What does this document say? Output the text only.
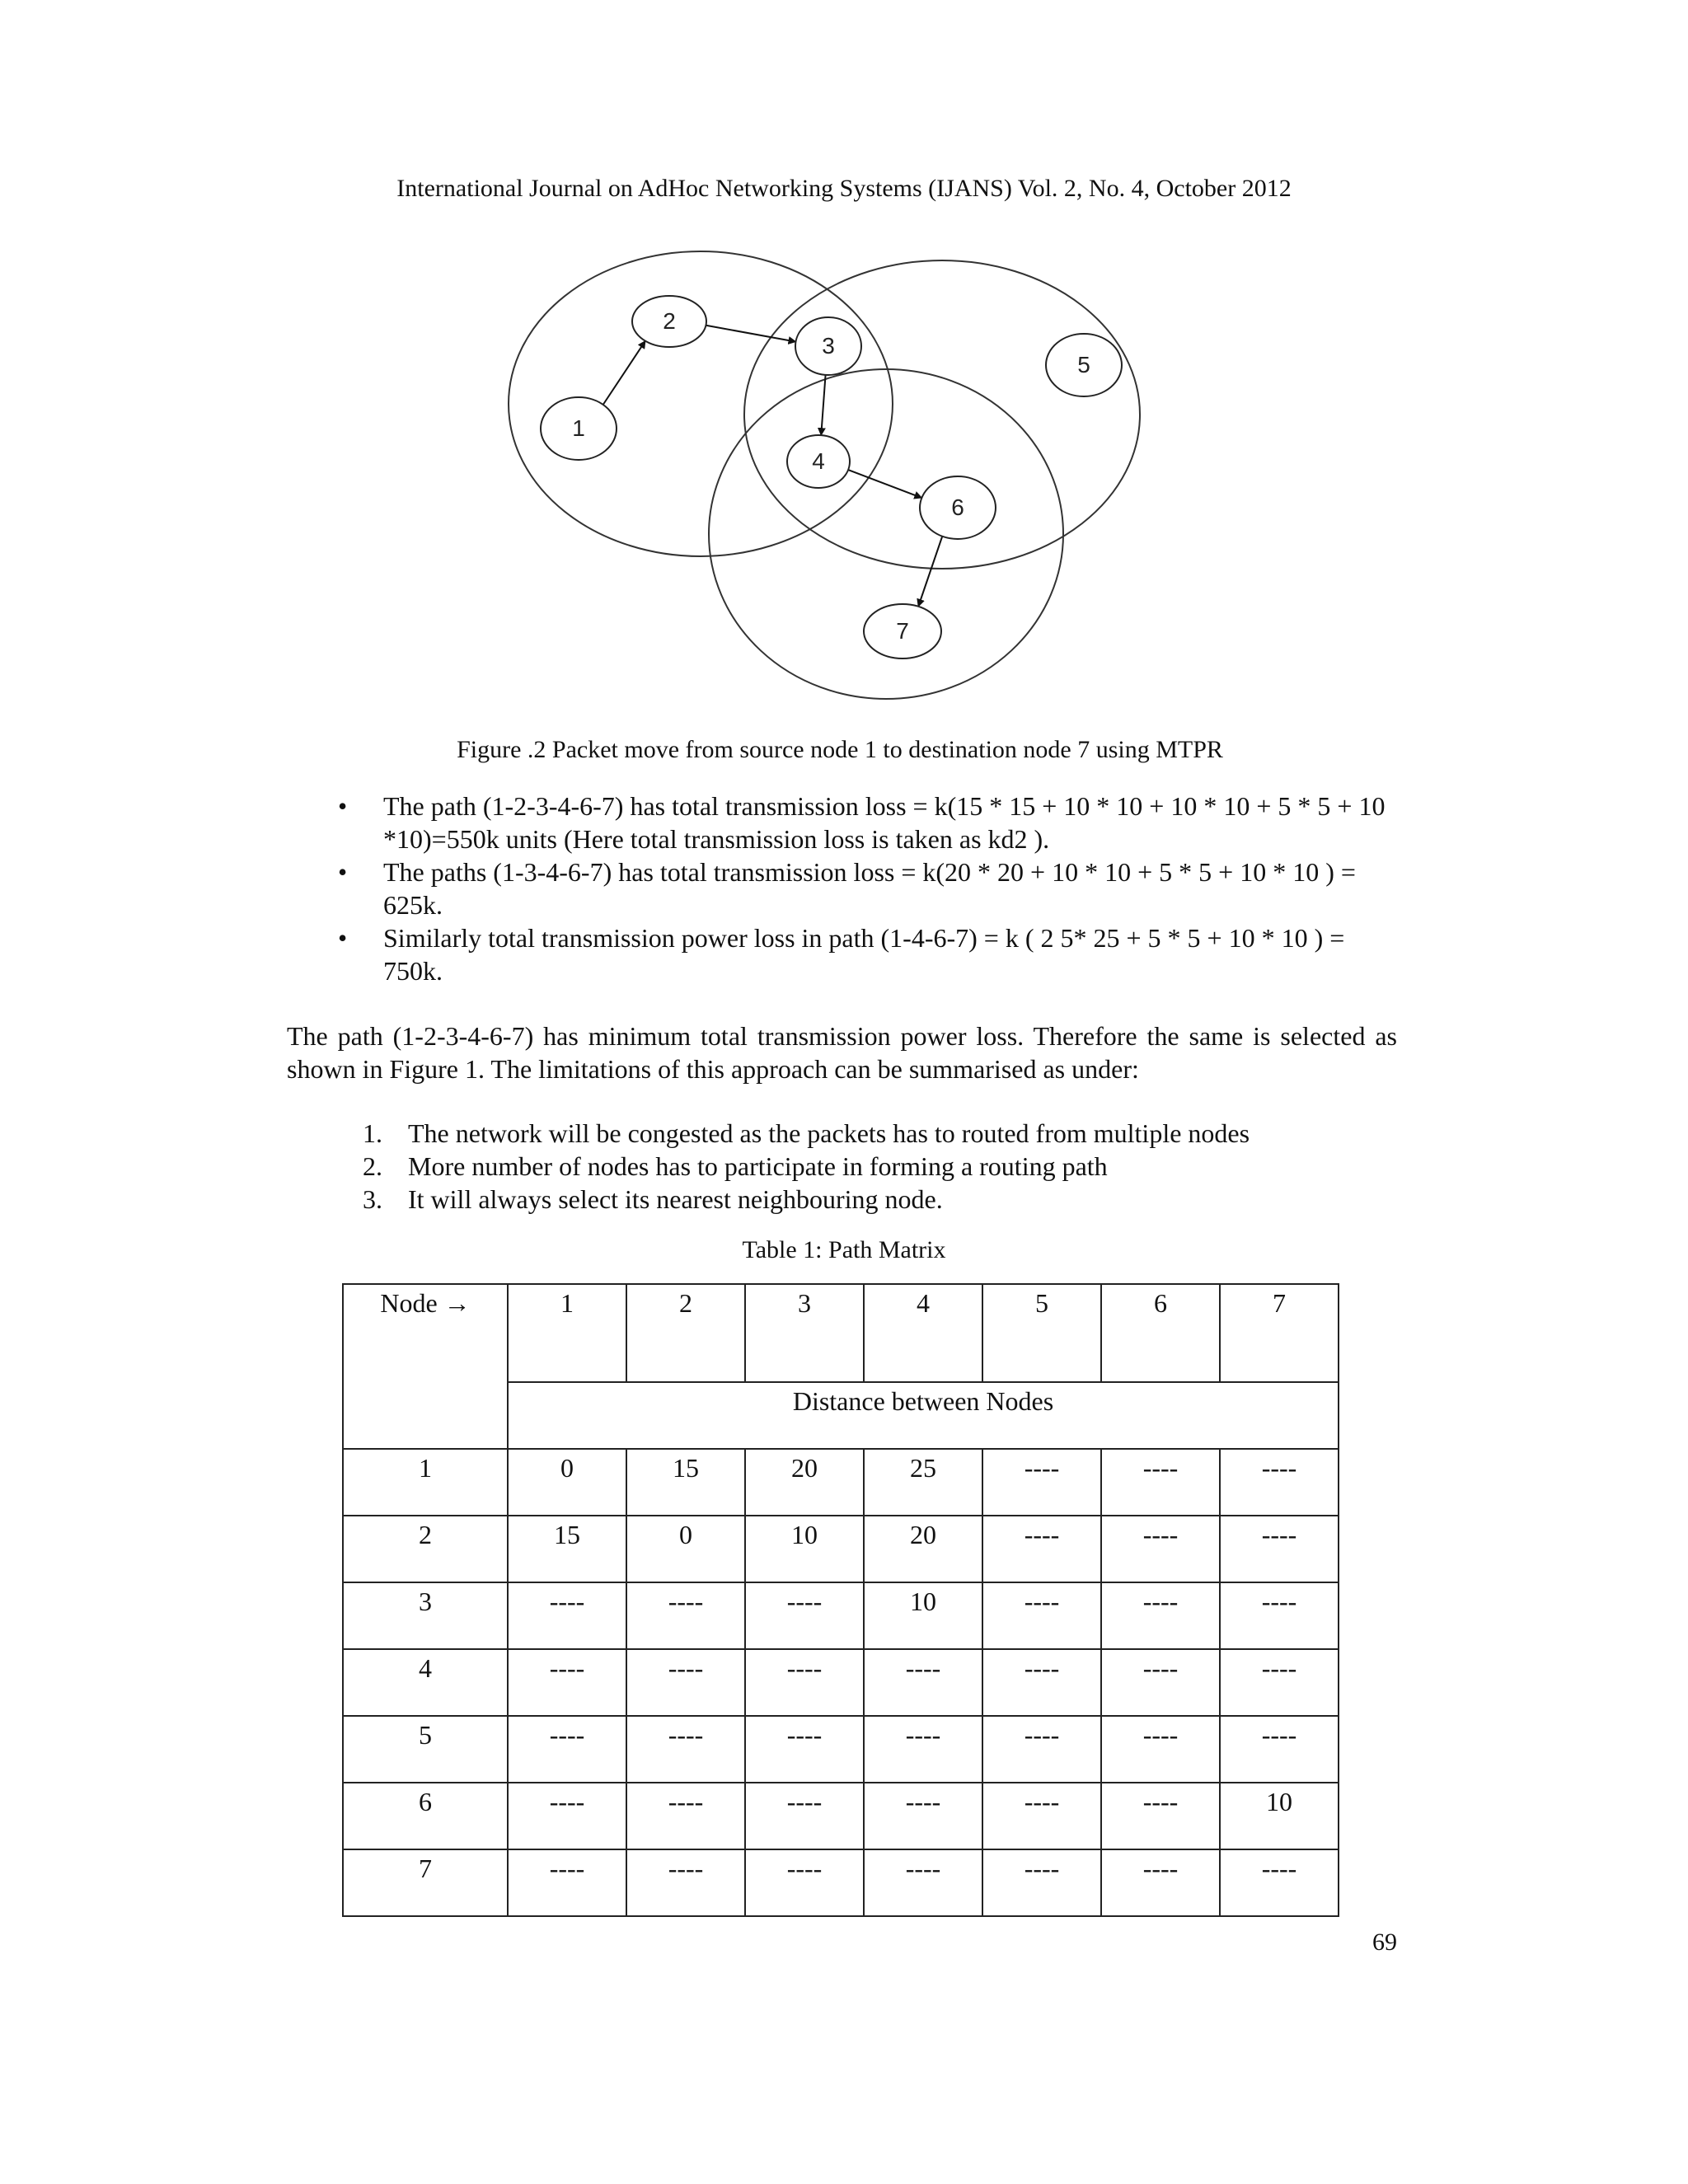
International Journal on AdHoc Networking Systems (IJANS) Vol. 2, No. 4, October 2012
1
2
3
4
5
6
7
Figure .2 Packet move from source node 1 to destination node 7 using MTPR
• The path (1-2-3-4-6-7) has total transmission loss = k(15 * 15 + 10 * 10 + 10 * 10 + 5 * 5 + 10 *10)=550k units (Here total transmission loss is taken as kd2 ).
• The paths (1-3-4-6-7) has total transmission loss = k(20 * 20 + 10 * 10 + 5 * 5 + 10 * 10 ) = 625k.
• Similarly total transmission power loss in path (1-4-6-7) = k ( 2 5* 25 + 5 * 5 + 10 * 10 ) = 750k.

The path (1-2-3-4-6-7) has minimum total transmission power loss. Therefore the same is selected as shown in Figure 1. The limitations of this approach can be summarised as under:

1. The network will be congested as the packets has to routed from multiple nodes
2. More number of nodes has to participate in forming a routing path
3. It will always select its nearest neighbouring node.
Table 1: Path Matrix
Node →	1	2	3	4	5	6	7
	Distance between Nodes						
1	0	15	20	25	----	----	----
2	15	0	10	20	----	----	----
3	----	----	----	10	----	----	----
4	----	----	----	----	----	----	----
5	----	----	----	----	----	----	----
6	----	----	----	----	----	----	10
7	----	----	----	----	----	----	----
69
